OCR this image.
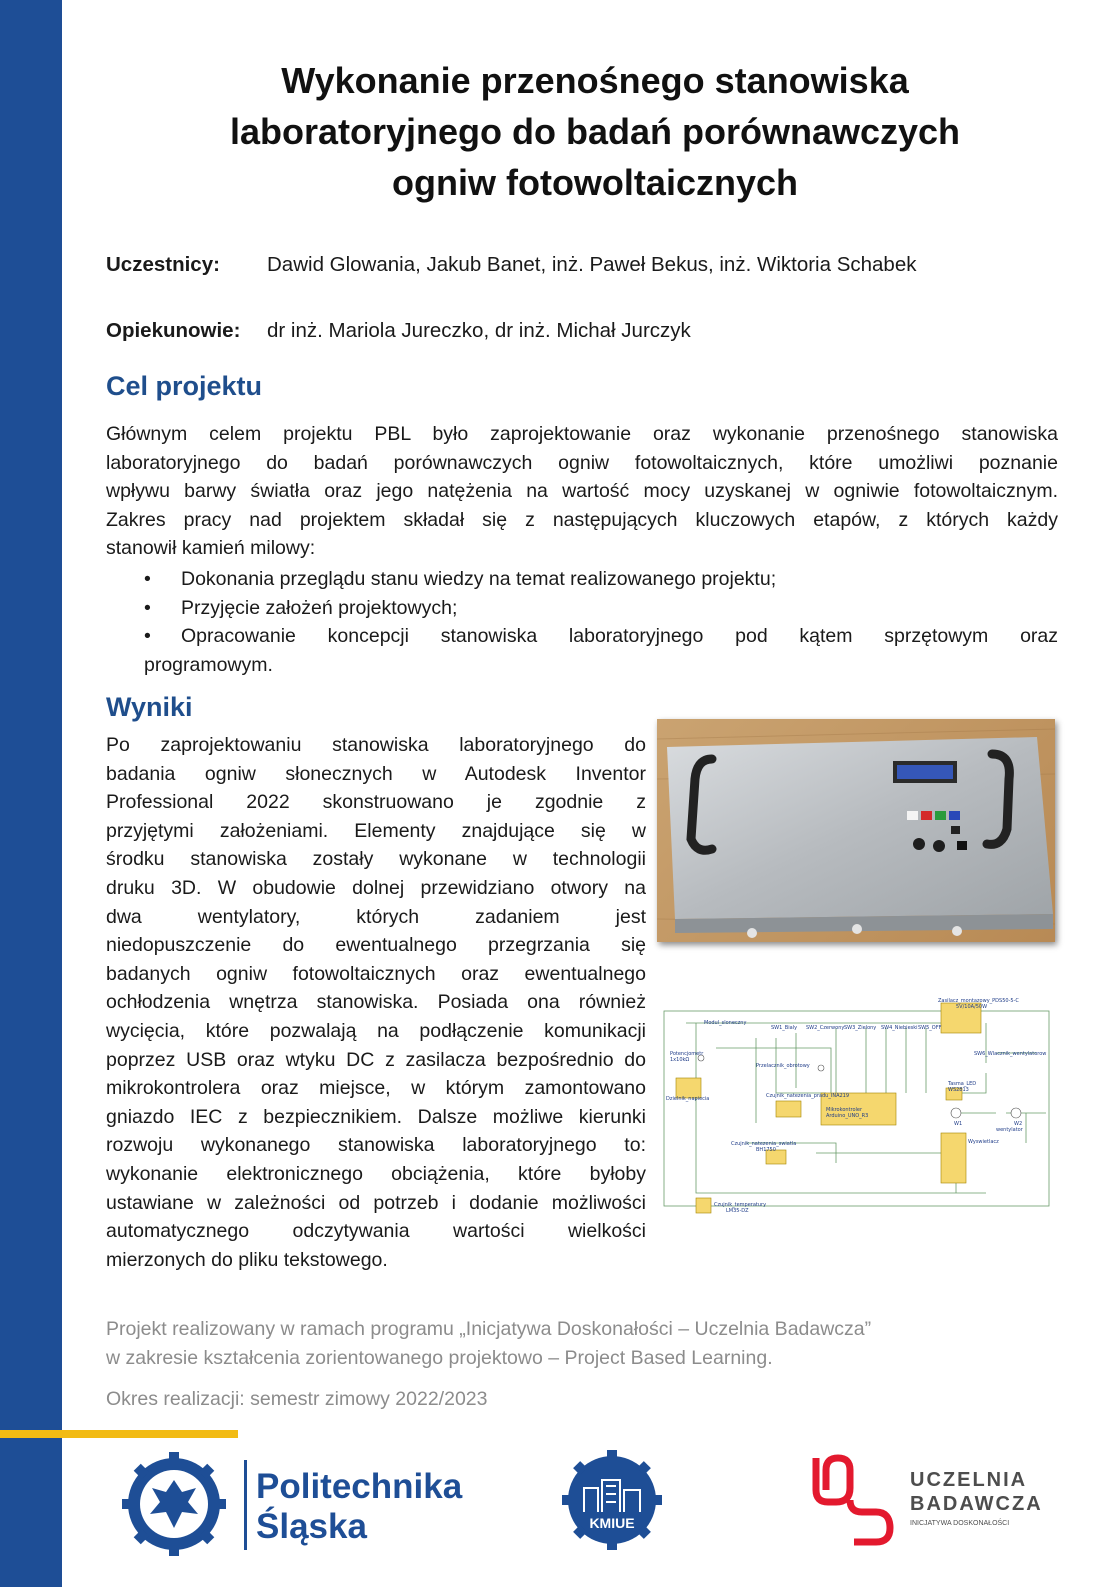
Wykonanie przenośnego stanowiska
laboratoryjnego do badań porównawczych
ogniw fotowoltaicznych
Uczestnicy: Dawid Glowania, Jakub Banet, inż. Paweł Bekus, inż. Wiktoria Schabek
Opiekunowie: dr inż. Mariola Jureczko, dr inż. Michał Jurczyk
Cel projektu
Głównym celem projektu PBL było zaprojektowanie oraz wykonanie przenośnego stanowiska
laboratoryjnego do badań porównawczych ogniw fotowoltaicznych, które umożliwi poznanie
wpływu barwy światła oraz jego natężenia na wartość mocy uzyskanej w ogniwie fotowoltaicznym.
Zakres pracy nad projektem składał się z następujących kluczowych etapów, z których każdy
stanowił kamień milowy:
• Dokonania przeglądu stanu wiedzy na temat realizowanego projektu;
• Przyjęcie założeń projektowych;
• Opracowanie koncepcji stanowiska laboratoryjnego pod kątem sprzętowym oraz
programowym.
Wyniki
Po zaprojektowaniu stanowiska laboratoryjnego do
badania ogniw słonecznych w Autodesk Inventor
Professional 2022 skonstruowano je zgodnie z
przyjętymi założeniami. Elementy znajdujące się w
środku stanowiska zostały wykonane w technologii
druku 3D. W obudowie dolnej przewidziano otwory na
dwa wentylatory, których zadaniem jest
niedopuszczenie do ewentualnego przegrzania się
badanych ogniw fotowoltaicznych oraz ewentualnego
ochłodzenia wnętrza stanowiska. Posiada ona również
wycięcia, które pozwalają na podłączenie komunikacji
poprzez USB oraz wtyku DC z zasilacza bezpośrednio do
mikrokontrolera oraz miejsce, w którym zamontowano
gniazdo IEC z bezpiecznikiem. Dalsze możliwe kierunki
rozwoju wykonanego stanowiska laboratoryjnego to:
wykonanie elektronicznego obciążenia, które byłoby
ustawiane w zależności od potrzeb i dodanie możliwości
automatycznego odczytywania wartości wielkości
mierzonych do pliku tekstowego.
Zasilacz_montazowy_PDS50-5-C
5V/10A/50W
Modul_sloneczny
SW1_Bialy SW2_Czerwony SW3_Zielony SW4_Niebieski SW5_OFF
Potencjometr
1x10kΩ
Przelacznik_obrotowy
SW6_Wlacznik_wentylatorow
Dzielnik_napiecia	Czujnik_natezenia_pradu_INA219
Mikrokontroler
Arduino_UNO_R3
Tasma_LED
WS2813
W1	W2
wentylator
Czujnik_natezenia_swiatla
BH1750
Wyswietlacz
Czujnik_temperatury
LM35-DZ
Projekt realizowany w ramach programu „Inicjatywa Doskonałości – Uczelnia Badawcza”
w zakresie kształcenia zorientowanego projektowo – Project Based Learning.
Okres realizacji: semestr zimowy 2022/2023
Politechnika
Śląska	KMIUE
UCZELNIA
BADAWCZA
INICJATYWA DOSKONAŁOŚCI
